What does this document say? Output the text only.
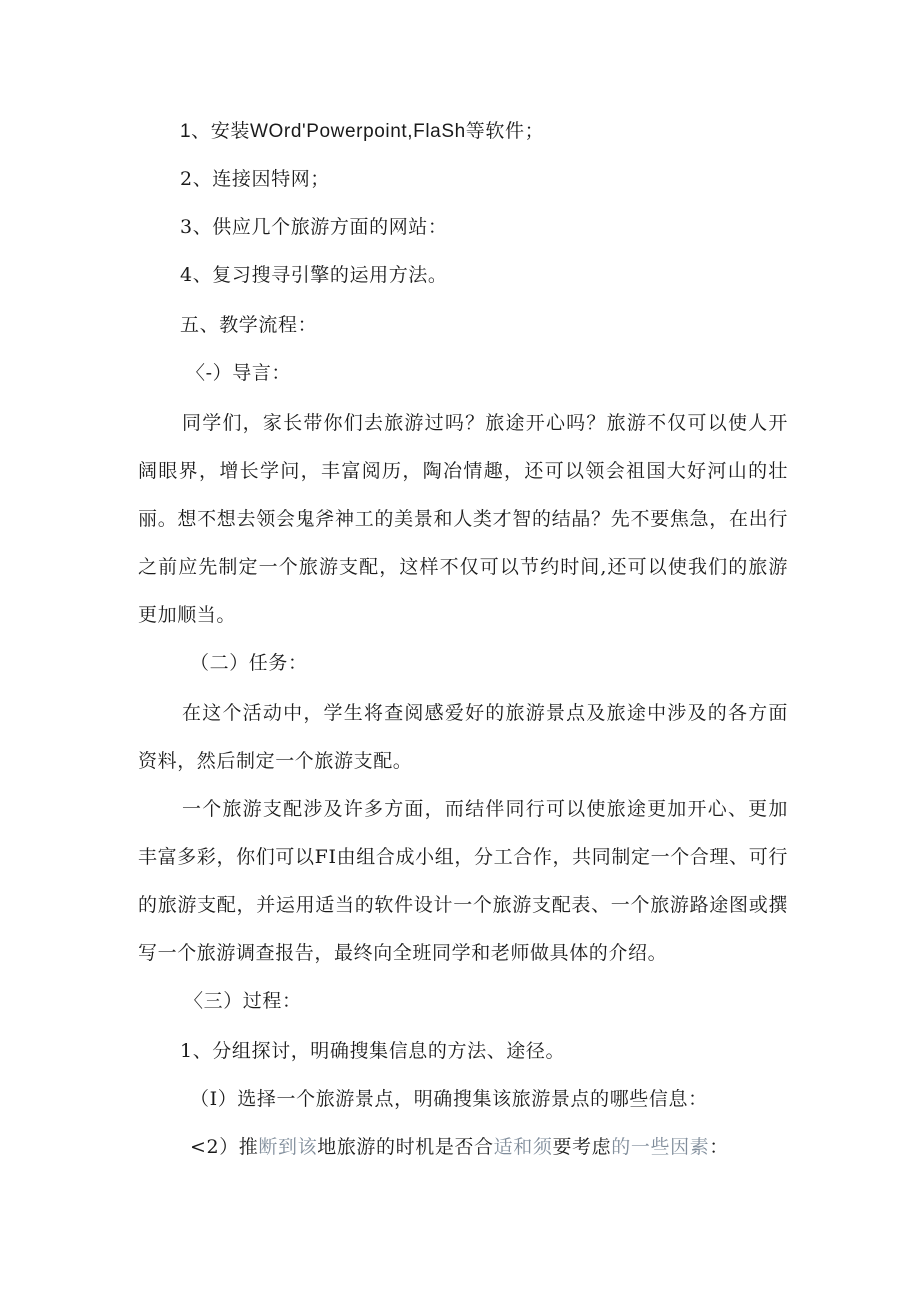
1、安装WOrd'Powerpoint,FlaSh等软件；
2、连接因特网；
3、供应几个旅游方面的网站：
4、复习搜寻引擎的运用方法。
五、教学流程：
〈-）导言：
同学们，家长带你们去旅游过吗？旅途开心吗？旅游不仅可以使人开阔眼界，增长学问，丰富阅历，陶冶情趣，还可以领会祖国大好河山的壮丽。想不想去领会鬼斧神工的美景和人类才智的结晶？先不要焦急，在出行之前应先制定一个旅游支配，这样不仅可以节约时间,还可以使我们的旅游更加顺当。
（二）任务：
在这个活动中，学生将查阅感爱好的旅游景点及旅途中涉及的各方面资料，然后制定一个旅游支配。
一个旅游支配涉及许多方面，而结伴同行可以使旅途更加开心、更加丰富多彩，你们可以FI由组合成小组，分工合作，共同制定一个合理、可行的旅游支配，并运用适当的软件设计一个旅游支配表、一个旅游路途图或撰写一个旅游调查报告，最终向全班同学和老师做具体的介绍。
〈三）过程：
1、分组探讨，明确搜集信息的方法、途径。
（I）选择一个旅游景点，明确搜集该旅游景点的哪些信息：
<2）推断到该地旅游的时机是否合适和须要考虑的一些因素：
